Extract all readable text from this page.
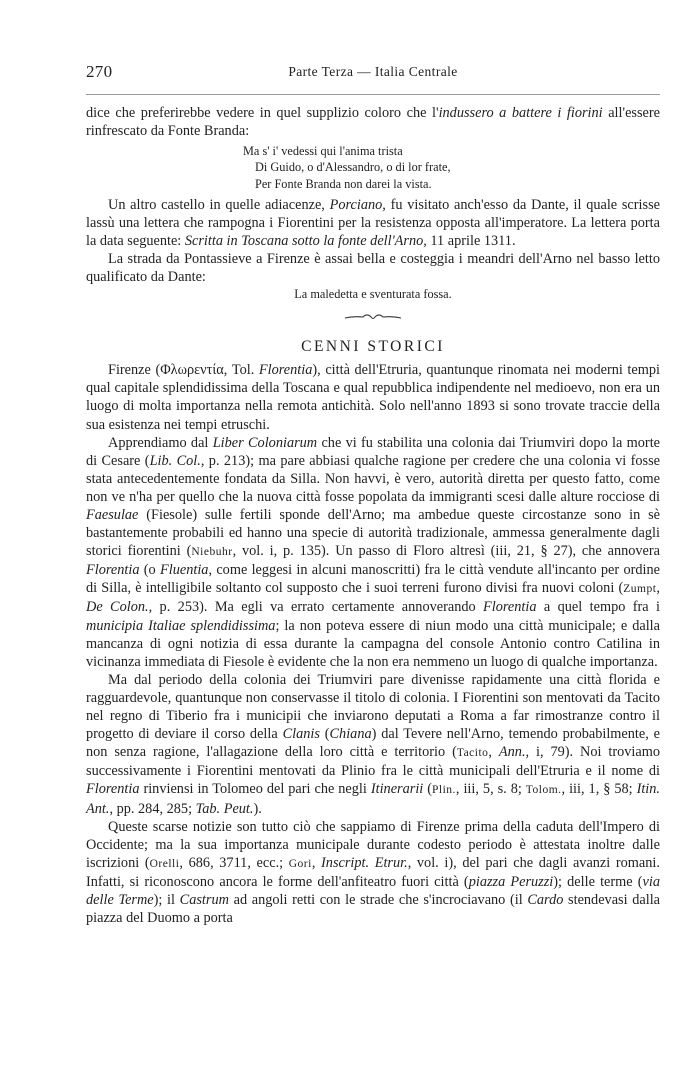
270	Parte Terza — Italia Centrale

dice che preferirebbe vedere in quel supplizio coloro che l'indussero a battere i fiorini all'essere rinfrescato da Fonte Branda:

Ma s' i' vedessi qui l'anima trista
Di Guido, o d'Alessandro, o di lor frate,
Per Fonte Branda non darei la vista.

Un altro castello in quelle adiacenze, Porciano, fu visitato anch'esso da Dante, il quale scrisse lassù una lettera che rampogna i Fiorentini per la resistenza opposta all'imperatore. La lettera porta la data seguente: Scritta in Toscana sotto la fonte dell'Arno, 11 aprile 1311.

La strada da Pontassieve a Firenze è assai bella e costeggia i meandri dell'Arno nel basso letto qualificato da Dante:

La maledetta e sventurata fossa.
CENNI STORICI

Firenze (Φλωρεντία, Tol. Florentia), città dell'Etruria, quantunque rinomata nei moderni tempi qual capitale splendidissima della Toscana e qual repubblica indipendente nel medioevo, non era un luogo di molta importanza nella remota antichità. Solo nell'anno 1893 si sono trovate traccie della sua esistenza nei tempi etruschi.

Apprendiamo dal Liber Coloniarum che vi fu stabilita una colonia dai Triumviri dopo la morte di Cesare (Lib. Col., p. 213); ma pare abbiasi qualche ragione per credere che una colonia vi fosse stata antecedentemente fondata da Silla. Non havvi, è vero, autorità diretta per questo fatto, come non ve n'ha per quello che la nuova città fosse popolata da immigranti scesi dalle alture rocciose di Faesulae (Fiesole) sulle fertili sponde dell'Arno; ma ambedue queste circostanze sono in sè bastantemente probabili ed hanno una specie di autorità tradizionale, ammessa generalmente dagli storici fiorentini (Niebuhr, vol. i, p. 135). Un passo di Floro altresì (iii, 21, § 27), che annovera Florentia (o Fluentia, come leggesi in alcuni manoscritti) fra le città vendute all'incanto per ordine di Silla, è intelligibile soltanto col supposto che i suoi terreni furono divisi fra nuovi coloni (Zumpt, De Colon., p. 253). Ma egli va errato certamente annoverando Florentia a quel tempo fra i municipia Italiae splendidissima; la non poteva essere di niun modo una città municipale; e dalla mancanza di ogni notizia di essa durante la campagna del console Antonio contro Catilina in vicinanza immediata di Fiesole è evidente che la non era nemmeno un luogo di qualche importanza.

Ma dal periodo della colonia dei Triumviri pare divenisse rapidamente una città florida e ragguardevole, quantunque non conservasse il titolo di colonia. I Fiorentini son mentovati da Tacito nel regno di Tiberio fra i municipii che inviarono deputati a Roma a far rimostranze contro il progetto di deviare il corso della Clanis (Chiana) dal Tevere nell'Arno, temendo probabilmente, e non senza ragione, l'allagazione della loro città e territorio (Tacito, Ann., i, 79). Noi troviamo successivamente i Fiorentini mentovati da Plinio fra le città municipali dell'Etruria e il nome di Florentia rinviensi in Tolomeo del pari che negli Itinerarii (Plin., iii, 5, s. 8; Tolom., iii, 1, § 58; Itin. Ant., pp. 284, 285; Tab. Peut.).

Queste scarse notizie son tutto ciò che sappiamo di Firenze prima della caduta dell'Impero di Occidente; ma la sua importanza municipale durante codesto periodo è attestata inoltre dalle iscrizioni (Orelli, 686, 3711, ecc.; Gori, Inscript. Etrur., vol. i), del pari che dagli avanzi romani. Infatti, si riconoscono ancora le forme dell'anfiteatro fuori città (piazza Peruzzi); delle terme (via delle Terme); il Castrum ad angoli retti con le strade che s'incrociavano (il Cardo stendevasi dalla piazza del Duomo a porta
